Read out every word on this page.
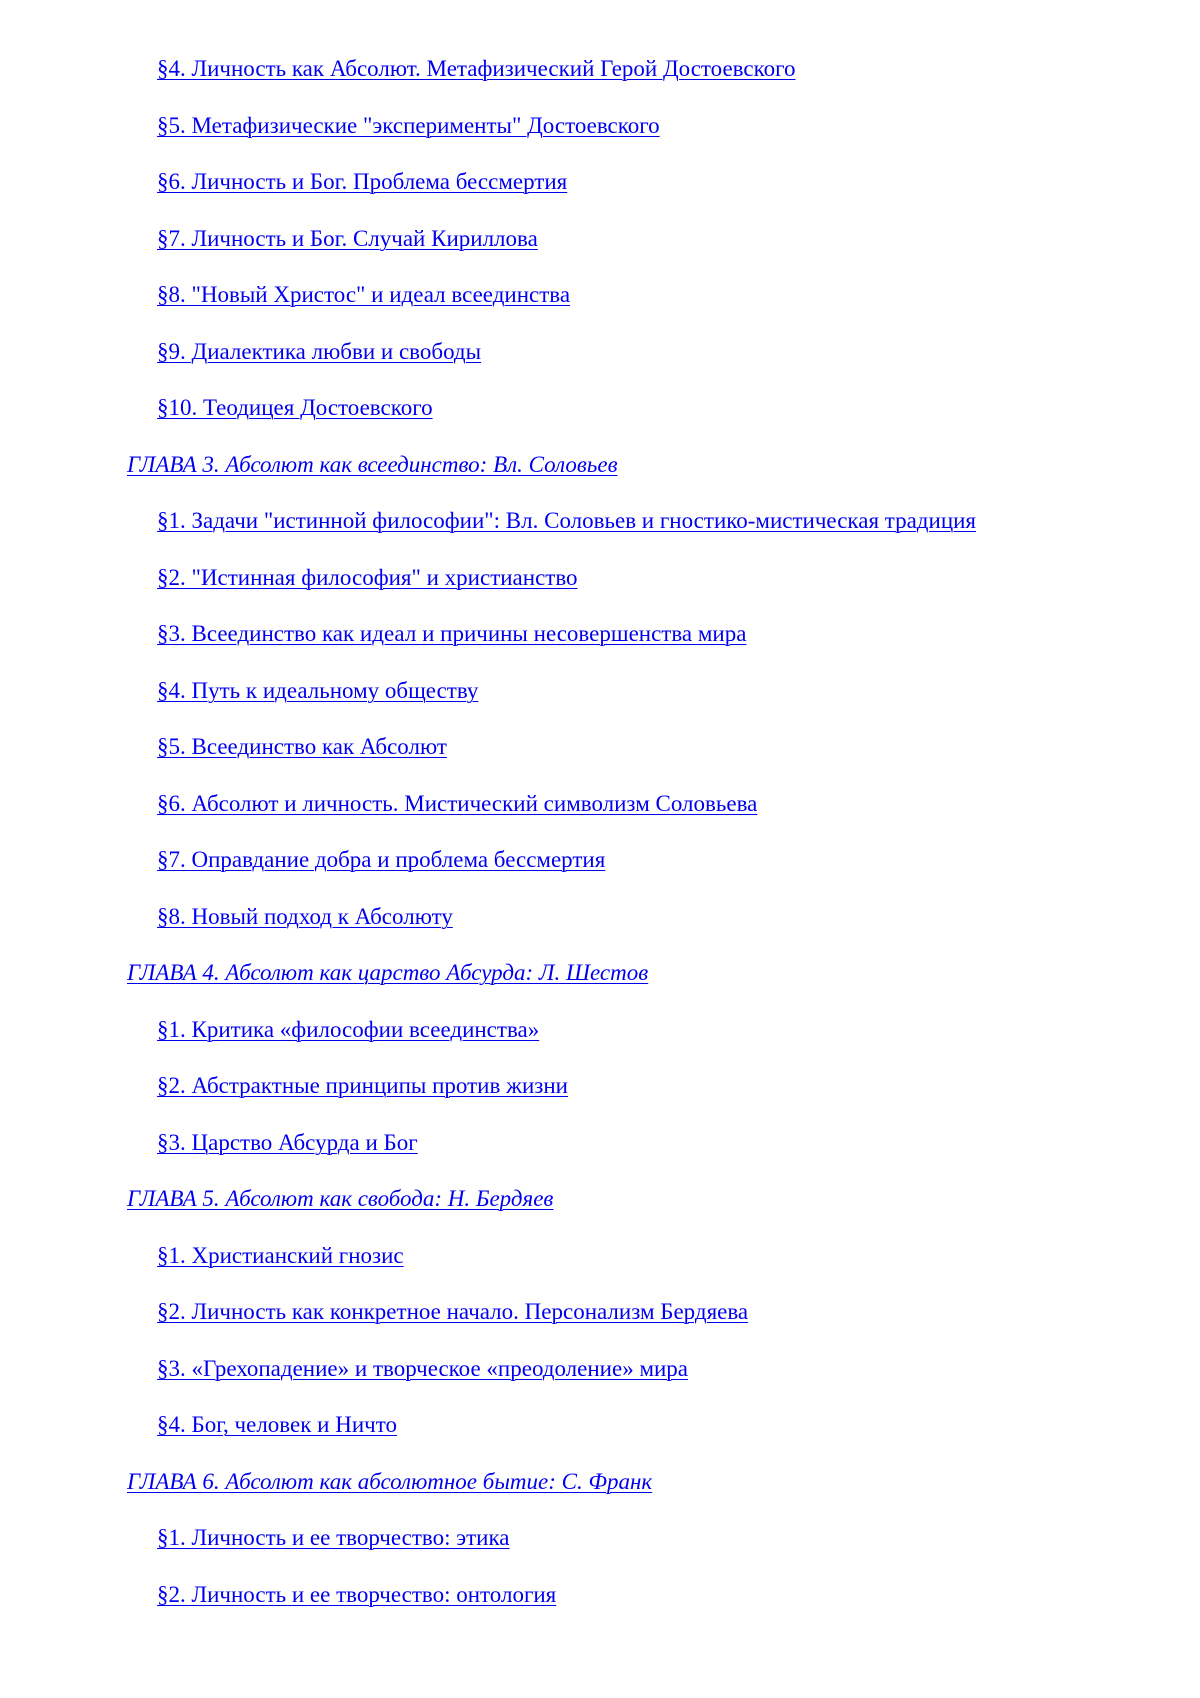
§4. Личность как Абсолют. Метафизический Герой Достоевского
§5. Метафизические "эксперименты" Достоевского
§6. Личность и Бог. Проблема бессмертия
§7. Личность и Бог. Случай Кириллова
§8. "Новый Христос" и идеал всеединства
§9. Диалектика любви и свободы
§10. Теодицея Достоевского
ГЛАВА 3. Абсолют как всеединство: Вл. Соловьев
§1. Задачи "истинной философии": Вл. Соловьев и гностико-мистическая традиция
§2. "Истинная философия" и христианство
§3. Всеединство как идеал и причины несовершенства мира
§4. Путь к идеальному обществу
§5. Всеединство как Абсолют
§6. Абсолют и личность. Мистический символизм Соловьева
§7. Оправдание добра и проблема бессмертия
§8. Новый подход к Абсолюту
ГЛАВА 4. Абсолют как царство Абсурда: Л. Шестов
§1. Критика «философии всеединства»
§2. Абстрактные принципы против жизни
§3. Царство Абсурда и Бог
ГЛАВА 5. Абсолют как свобода: Н. Бердяев
§1. Христианский гнозис
§2. Личность как конкретное начало. Персонализм Бердяева
§3. «Грехопадение» и творческое «преодоление» мира
§4. Бог, человек и Ничто
ГЛАВА 6. Абсолют как абсолютное бытие: С. Франк
§1. Личность и ее творчество: этика
§2. Личность и ее творчество: онтология
